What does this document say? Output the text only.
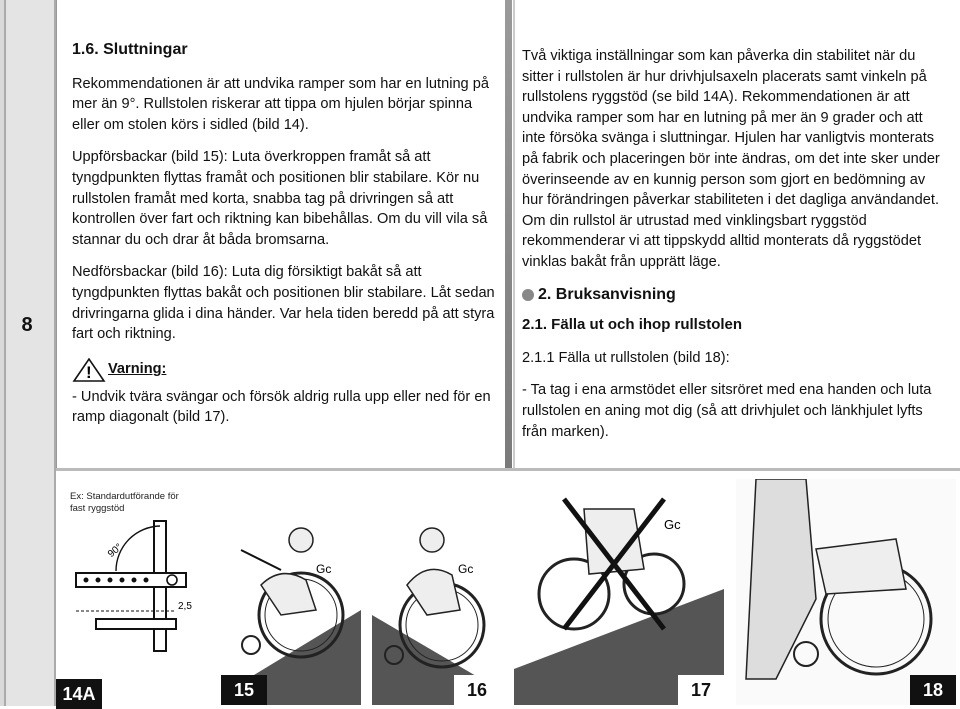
8
1.6. Sluttningar

Rekommendationen är att undvika ramper som har en lutning på mer än 9°. Rullstolen riskerar att tippa om hjulen börjar spinna eller om stolen körs i sidled (bild 14).

Uppförsbackar (bild 15): Luta överkroppen framåt så att tyngdpunkten flyttas framåt och positionen blir stabilare. Kör nu rullstolen framåt med korta, snabba tag på drivringen så att kontrollen över fart och riktning kan bibehållas. Om du vill vila så stannar du och drar åt båda bromsarna.

Nedförsbackar (bild 16): Luta dig försiktigt bakåt så att tyngdpunkten flyttas bakåt och positionen blir stabilare. Låt sedan drivringarna glida i dina händer. Var hela tiden beredd på att styra fart och riktning.

! Varning:

- Undvik tvära svängar och försök aldrig rulla upp eller ned för en ramp diagonalt (bild 17).

Två viktiga inställningar som kan påverka din stabilitet när du sitter i rullstolen är hur drivhjulsaxeln placerats samt vinkeln på rullstolens ryggstöd (se bild 14A). Rekommendationen är att undvika ramper som har en lutning på mer än 9 grader och att inte försöka svänga i sluttningar. Hjulen har vanligtvis monterats på fabrik och placeringen bör inte ändras, om det inte sker under överinseende av en kunnig person som gjort en bedömning av hur förändringen påverkar stabiliteten i det dagliga användandet. Om din rullstol är utrustad med vinklingsbart ryggstöd rekommenderar vi att tippskydd alltid monterats då ryggstödet vinklas bakåt från upprätt läge.

2. Bruksanvisning
2.1. Fälla ut och ihop rullstolen

2.1.1 Fälla ut rullstolen (bild 18):

- Ta tag i ena armstödet eller sitsröret med ena handen och luta rullstolen en aning mot dig (så att drivhjulet och länkhjulet lyfts från marken).

Ex: Standardutförande för fast ryggstöd
90°
2,5
14A
Gc
15
Gc
16
Gc
17	18
